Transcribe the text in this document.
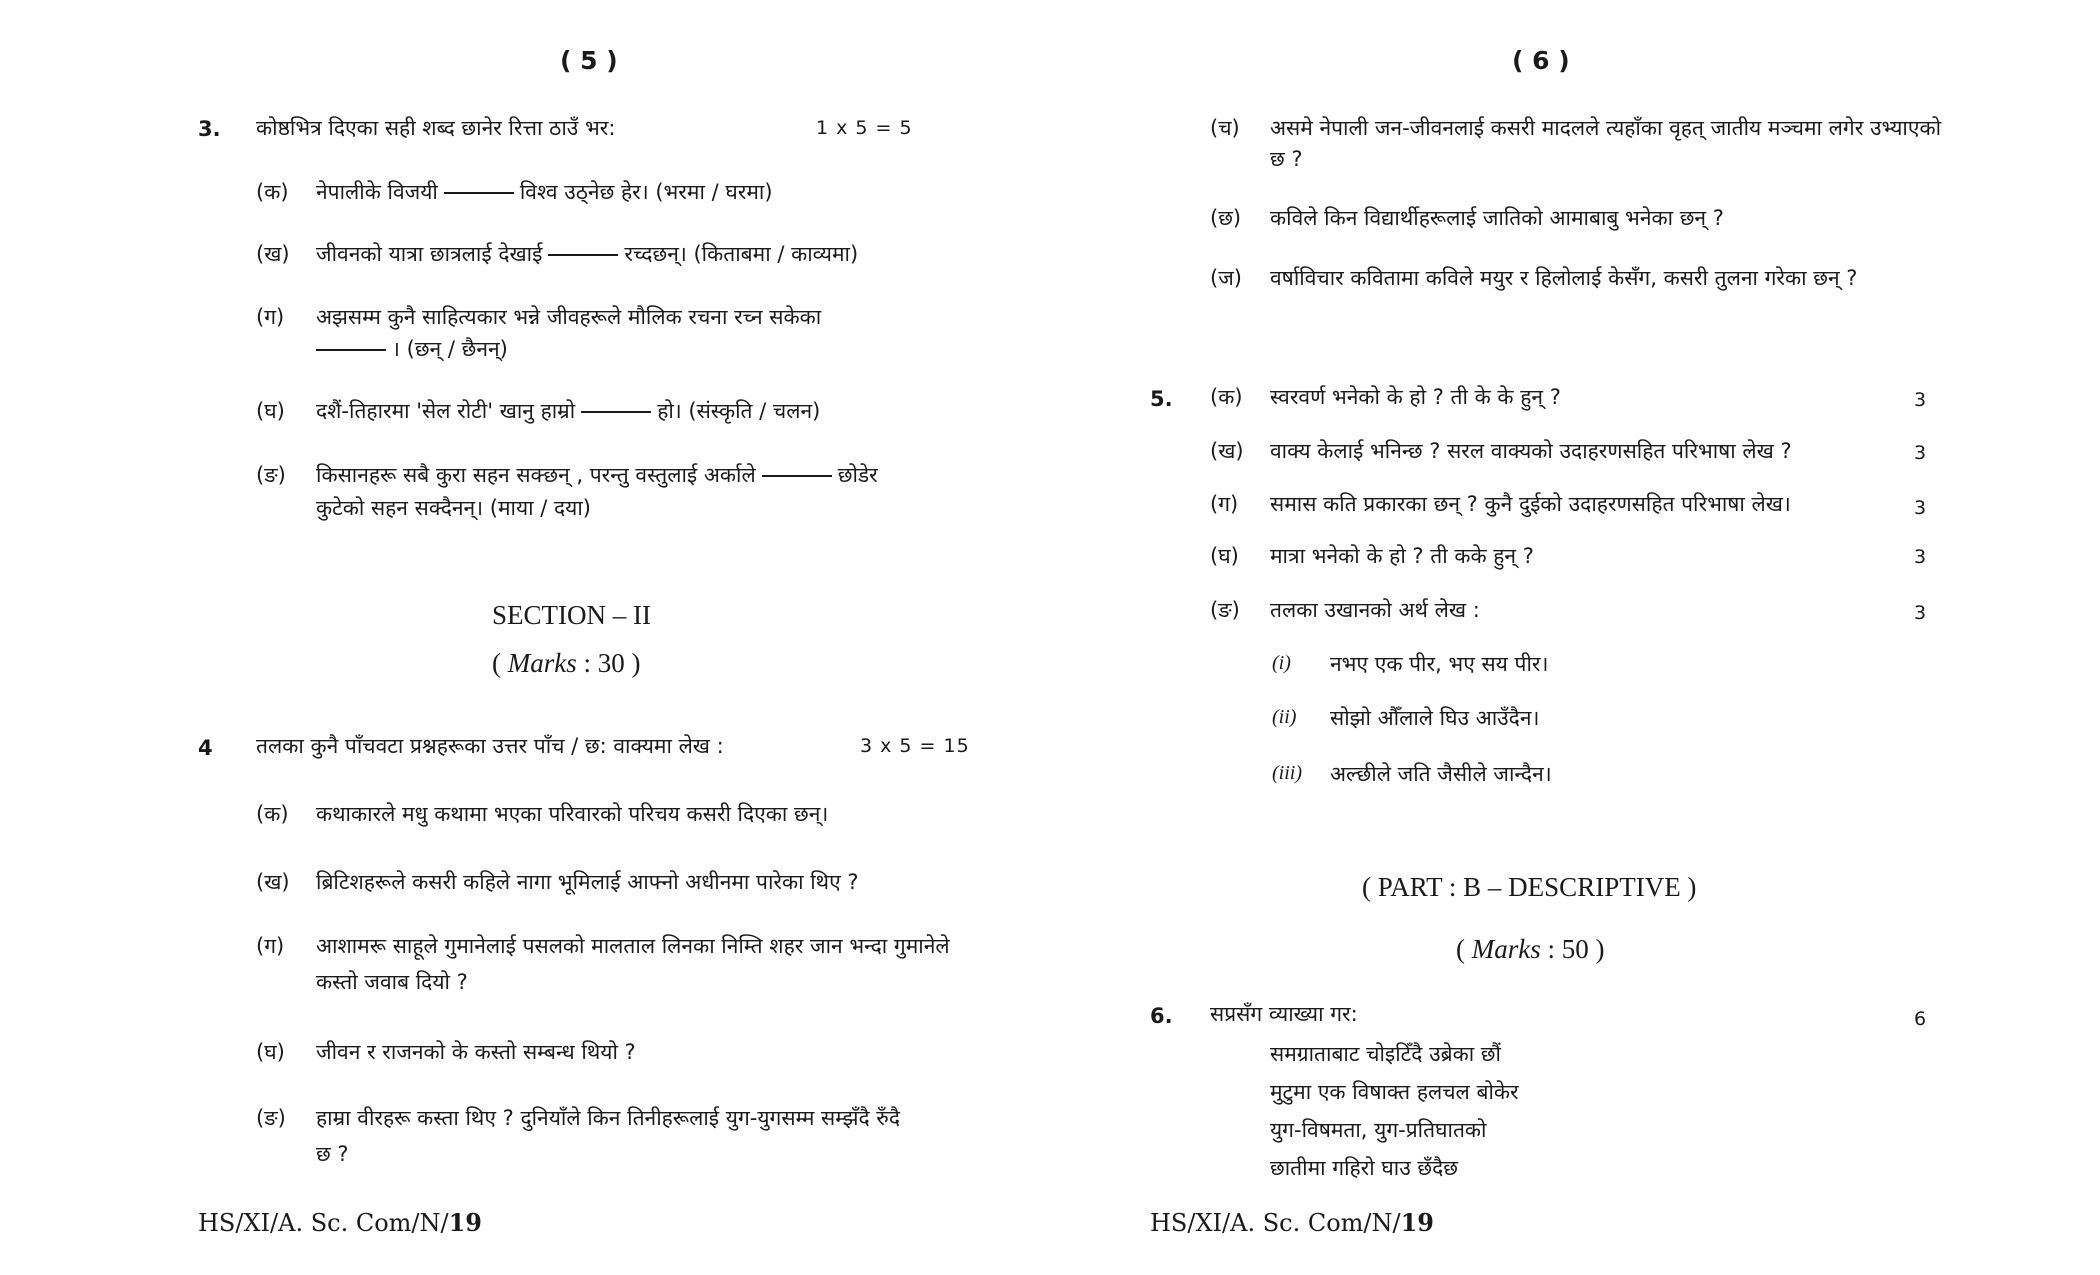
( 5 )
3. कोष्ठभित्र दिएका सही शब्द छानेर रित्ता ठाउँ भर:	1 x 5 = 5
(क) नेपालीके विजयी	विश्व उठ्नेछ हेर। (भरमा / घरमा)
(ख) जीवनको यात्रा छात्रलाई देखाई	रच्दछन्। (किताबमा / काव्यमा)
(ग) अझसम्म कुनै साहित्यकार भन्ने जीवहरूले मौलिक रचना रच्न सकेका
। (छन् / छैनन्)
(घ) दशैं-तिहारमा 'सेल रोटी' खानु हाम्रो	हो। (संस्कृति / चलन)
(ङ) किसानहरू सबै कुरा सहन सक्छन् , परन्तु वस्तुलाई अर्काले	छोडेर
कुटेको सहन सक्दैनन्। (माया / दया)
SECTION – II
( Marks : 30 )
4 तलका कुनै पाँचवटा प्रश्नहरूका उत्तर पाँच / छ: वाक्यमा लेख :	3 x 5 = 15
(क) कथाकारले मधु कथामा भएका परिवारको परिचय कसरी दिएका छन्।
(ख) ब्रिटिशहरूले कसरी कहिले नागा भूमिलाई आफ्नो अधीनमा पारेका थिए ?
(ग) आशामरू साहूले गुमानेलाई पसलको मालताल लिनका निम्ति शहर जान भन्दा गुमानेले
कस्तो जवाब दियो ?
(घ) जीवन र राजनको के कस्तो सम्बन्ध थियो ?
(ङ) हाम्रा वीरहरू कस्ता थिए ? दुनियाँले किन तिनीहरूलाई युग-युगसम्म सम्झँदै रुँदै
छ ?
HS/XI/A. Sc. Com/N/19
( 6 )
(च) असमे नेपाली जन-जीवनलाई कसरी मादलले त्यहाँका वृहत् जातीय मञ्चमा लगेर उभ्याएको
छ ?
(छ) कविले किन विद्यार्थीहरूलाई जातिको आमाबाबु भनेका छन् ?
(ज) वर्षाविचार कवितामा कविले मयुर र हिलोलाई केसँग, कसरी तुलना गरेका छन् ?
5. (क) स्वरवर्ण भनेको के हो ? ती के के हुन् ?	3
(ख) वाक्य केलाई भनिन्छ ? सरल वाक्यको उदाहरणसहित परिभाषा लेख ?	3
(ग) समास कति प्रकारका छन् ? कुनै दुईको उदाहरणसहित परिभाषा लेख।	3
(घ) मात्रा भनेको के हो ? ती कके हुन् ?	3
(ङ) तलका उखानको अर्थ लेख :	3
(i) नभए एक पीर, भए सय पीर।
(ii) सोझो औँलाले घिउ आउँदैन।
(iii) अल्छीले जति जैसीले जान्दैन।
( PART : B – DESCRIPTIVE )
( Marks : 50 )
6. सप्रसँग व्याख्या गर:	6
समग्राताबाट चोइटिँदै उब्रेका छौं
मुटुमा एक विषाक्त हलचल बोकेर
युग-विषमता, युग-प्रतिघातको
छातीमा गहिरो घाउ छँदैछ
HS/XI/A. Sc. Com/N/19
